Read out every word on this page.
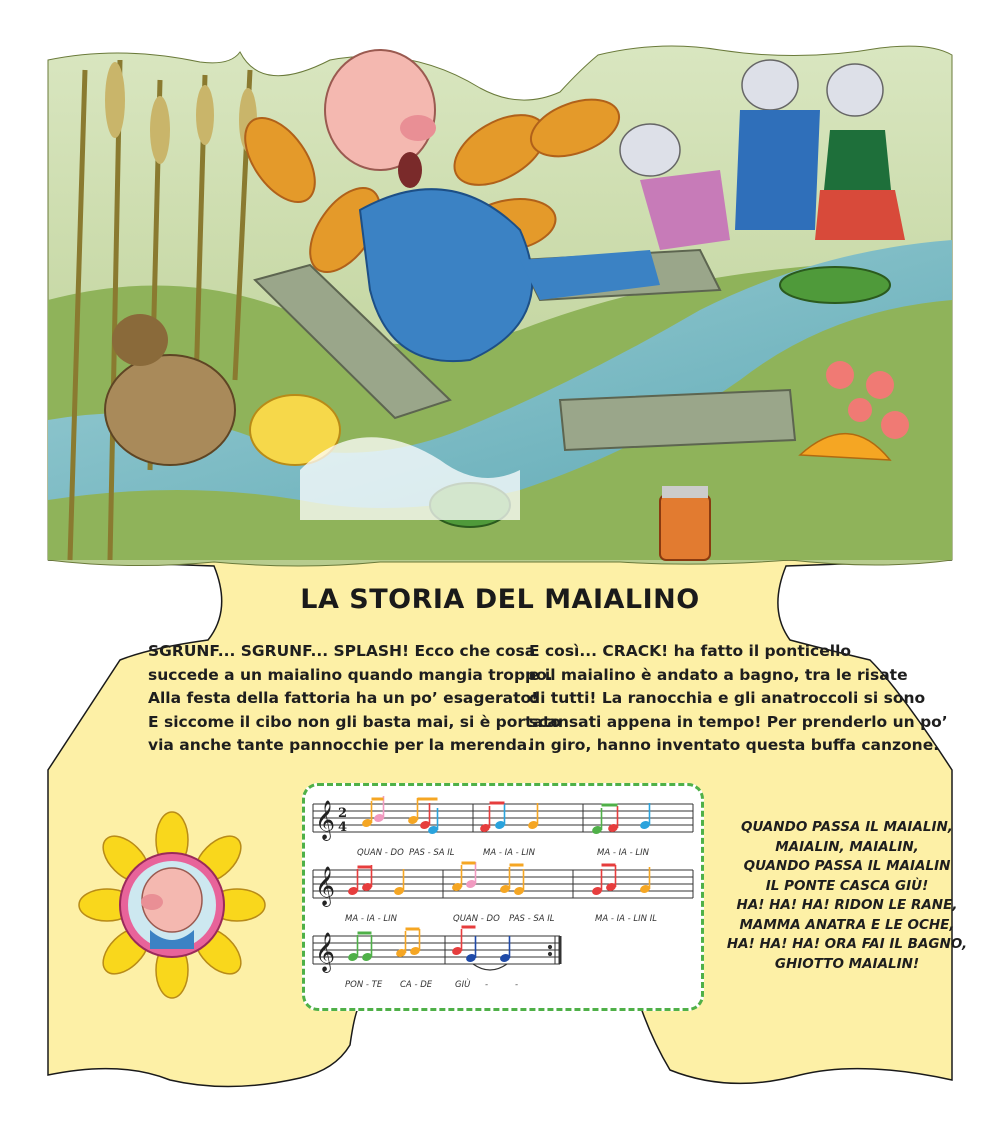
LA STORIA DEL MAIALINO
SGRUNF... SGRUNF... SPLASH! Ecco che cosa
succede a un maialino quando mangia troppo.
Alla festa della fattoria ha un po’ esagerato!
E siccome il cibo non gli basta mai, si è portato
via anche tante pannocchie per la merenda.
E così... CRACK! ha fatto il ponticello
e il maialino è andato a bagno, tra le risate
di tutti! La ranocchia e gli anatroccoli si sono
scansati appena in tempo! Per prenderlo un po’
in giro, hanno inventato questa buffa canzone.
𝄞
𝄞
𝄞
2
4
QUAN - DO PAS - SA IL	MA - IA - LIN	MA - IA - LIN
MA - IA - LIN	QUAN - DO PAS - SA IL	MA - IA - LIN IL
PON - TE CA - DE	GIÙ -	-
QUANDO PASSA IL MAIALIN,
MAIALIN, MAIALIN,
QUANDO PASSA IL MAIALIN
IL PONTE CASCA GIÙ!
HA! HA! HA! RIDON LE RANE,
MAMMA ANATRA E LE OCHE,
HA! HA! HA! ORA FAI IL BAGNO,
GHIOTTO MAIALIN!
